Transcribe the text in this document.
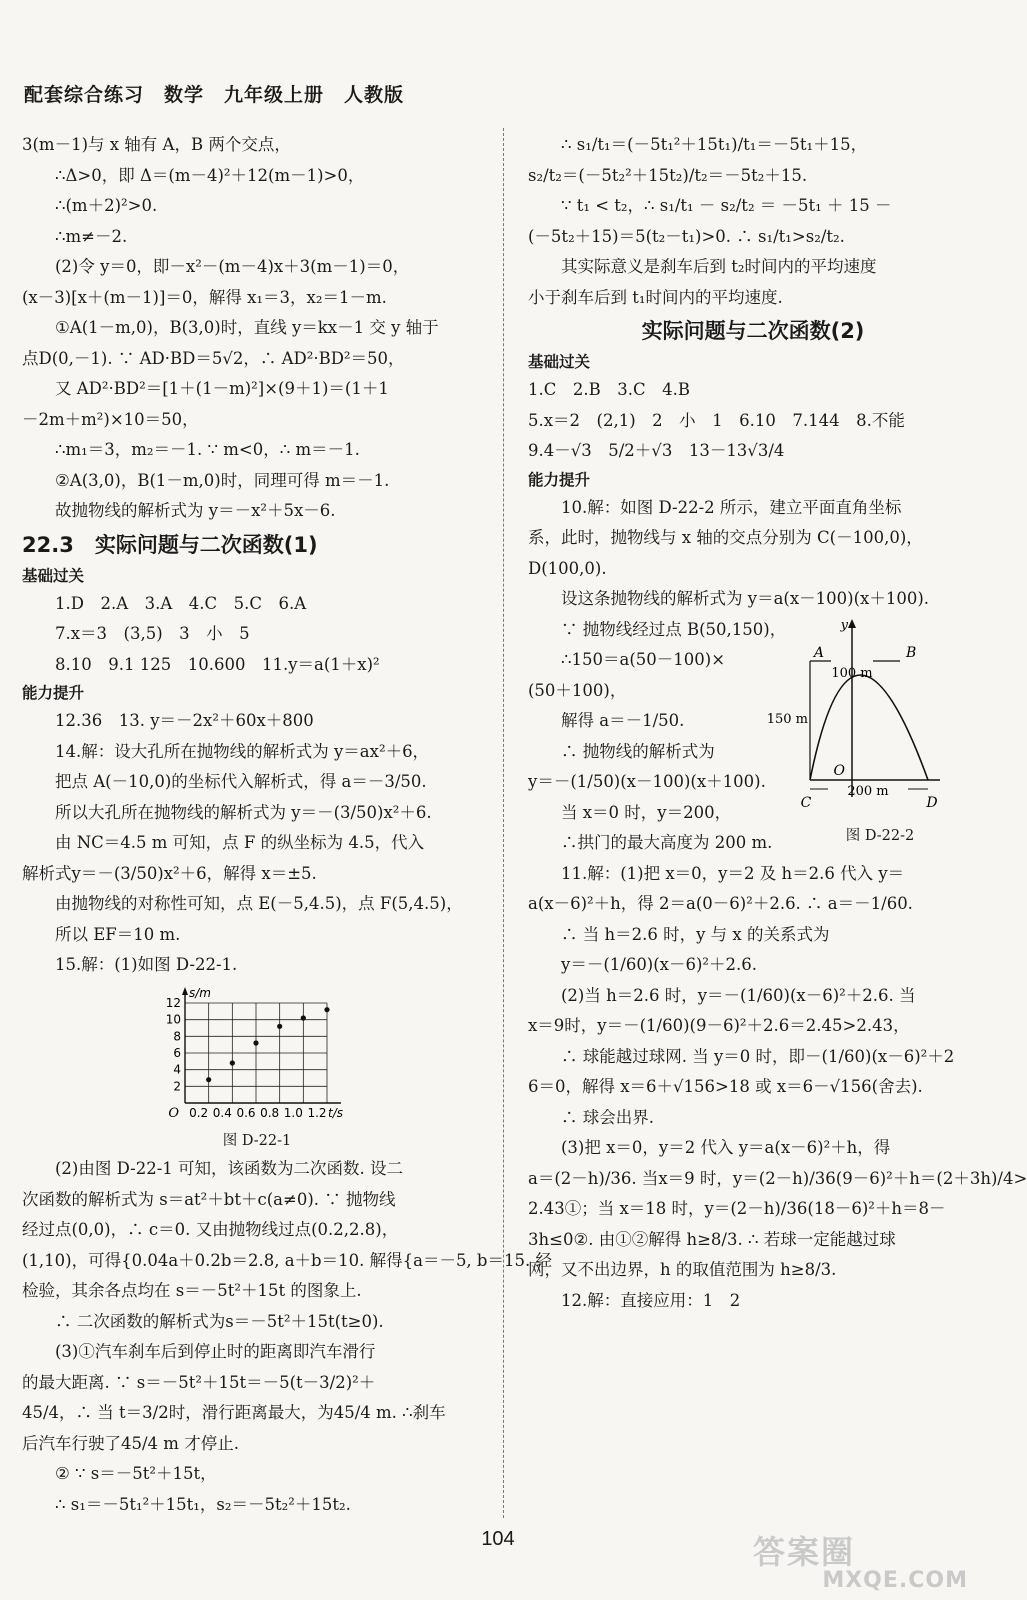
配套综合练习　数学　九年级上册　人教版
3(m－1)与 x 轴有 A，B 两个交点，
∴Δ>0，即 Δ＝(m－4)²＋12(m－1)>0，
∴(m＋2)²>0.
∴m≠－2.
(2)令 y＝0，即－x²－(m－4)x＋3(m－1)＝0，
(x－3)[x＋(m－1)]＝0，解得 x₁＝3，x₂＝1－m.
①A(1－m,0)，B(3,0)时，直线 y＝kx－1 交 y 轴于
点D(0,－1). ∵ AD·BD＝5√2，∴ AD²·BD²＝50，
又 AD²·BD²＝[1＋(1－m)²]×(9＋1)＝(1＋1
－2m＋m²)×10＝50，
∴m₁＝3，m₂＝－1. ∵ m<0，∴ m＝－1.
②A(3,0)，B(1－m,0)时，同理可得 m＝－1.
故抛物线的解析式为 y＝－x²＋5x－6.
22.3　实际问题与二次函数(1)
基础过关
1.D　2.A　3.A　4.C　5.C　6.A
7.x＝3　(3,5)　3　小　5
8.10　9.1 125　10.600　11.y＝a(1＋x)²
能力提升
12.36　13. y＝－2x²＋60x＋800
14.解：设大孔所在抛物线的解析式为 y＝ax²＋6，
把点 A(－10,0)的坐标代入解析式，得 a＝－3/50.
所以大孔所在抛物线的解析式为 y＝－(3/50)x²＋6.
由 NC＝4.5 m 可知，点 F 的纵坐标为 4.5，代入
解析式y＝－(3/50)x²＋6，解得 x＝±5.
由抛物线的对称性可知，点 E(－5,4.5)，点 F(5,4.5)，
所以 EF＝10 m.
15.解：(1)如图 D-22-1.
0.2 0.4 0.6 0.8 1.0 1.2
2
4
6
8
10
12
O	t/s
s/m
图 D-22-1
(2)由图 D-22-1 可知，该函数为二次函数. 设二
次函数的解析式为 s＝at²＋bt＋c(a≠0). ∵ 抛物线
经过点(0,0)，∴ c＝0. 又由抛物线过点(0.2,2.8)，
(1,10)，可得{0.04a＋0.2b＝2.8, a＋b＝10. 解得{a＝－5, b＝15. 经
检验，其余各点均在 s＝－5t²＋15t 的图象上.
∴ 二次函数的解析式为s＝－5t²＋15t(t≥0).
(3)①汽车刹车后到停止时的距离即汽车滑行
的最大距离. ∵ s＝－5t²＋15t＝－5(t－3/2)²＋
45/4，∴ 当 t＝3/2时，滑行距离最大，为45/4 m. ∴刹车
后汽车行驶了45/4 m 才停止.
② ∵ s＝－5t²＋15t，
∴ s₁＝－5t₁²＋15t₁，s₂＝－5t₂²＋15t₂.
∴ s₁/t₁＝(－5t₁²＋15t₁)/t₁＝－5t₁＋15，
s₂/t₂＝(－5t₂²＋15t₂)/t₂＝－5t₂＋15.
∵ t₁ < t₂，∴ s₁/t₁ － s₂/t₂ ＝ －5t₁ ＋ 15 －
(－5t₂＋15)＝5(t₂－t₁)>0. ∴ s₁/t₁>s₂/t₂.
其实际意义是刹车后到 t₂时间内的平均速度
小于刹车后到 t₁时间内的平均速度.
实际问题与二次函数(2)
基础过关
1.C　2.B　3.C　4.B
5.x＝2　(2,1)　2　小　1　6.10　7.144　8.不能
9.4－√3　5/2＋√3　13－13√3/4
能力提升
10.解：如图 D-22-2 所示，建立平面直角坐标
系，此时，抛物线与 x 轴的交点分别为 C(－100,0)，
D(100,0).
设这条抛物线的解析式为 y＝a(x－100)(x＋100).
∵ 抛物线经过点 B(50,150)，
∴150＝a(50－100)×
(50＋100)，
解得 a＝－1/50.
∴ 抛物线的解析式为
y＝－(1/50)(x－100)(x＋100).
当 x＝0 时，y＝200，
∴拱门的最大高度为 200 m.
y
A	B
100 m
150 m
O
C
200 m
D
图 D-22-2
11.解：(1)把 x＝0，y＝2 及 h＝2.6 代入 y＝
a(x－6)²＋h，得 2＝a(0－6)²＋2.6. ∴ a＝－1/60.
∴ 当 h＝2.6 时，y 与 x 的关系式为
y＝－(1/60)(x－6)²＋2.6.
(2)当 h＝2.6 时，y＝－(1/60)(x－6)²＋2.6. 当
x＝9时，y＝－(1/60)(9－6)²＋2.6＝2.45>2.43，
∴ 球能越过球网. 当 y＝0 时，即－(1/60)(x－6)²＋2
6＝0，解得 x＝6＋√156>18 或 x＝6－√156(舍去).
∴ 球会出界.
(3)把 x＝0，y＝2 代入 y＝a(x－6)²＋h，得
a＝(2－h)/36. 当x＝9 时，y＝(2－h)/36(9－6)²＋h＝(2＋3h)/4>
2.43①；当 x＝18 时，y＝(2－h)/36(18－6)²＋h＝8－
3h≤0②. 由①②解得 h≥8/3. ∴ 若球一定能越过球
网，又不出边界，h 的取值范围为 h≥8/3.
12.解：直接应用：1　2
104	答案圈
MXQE.COM
